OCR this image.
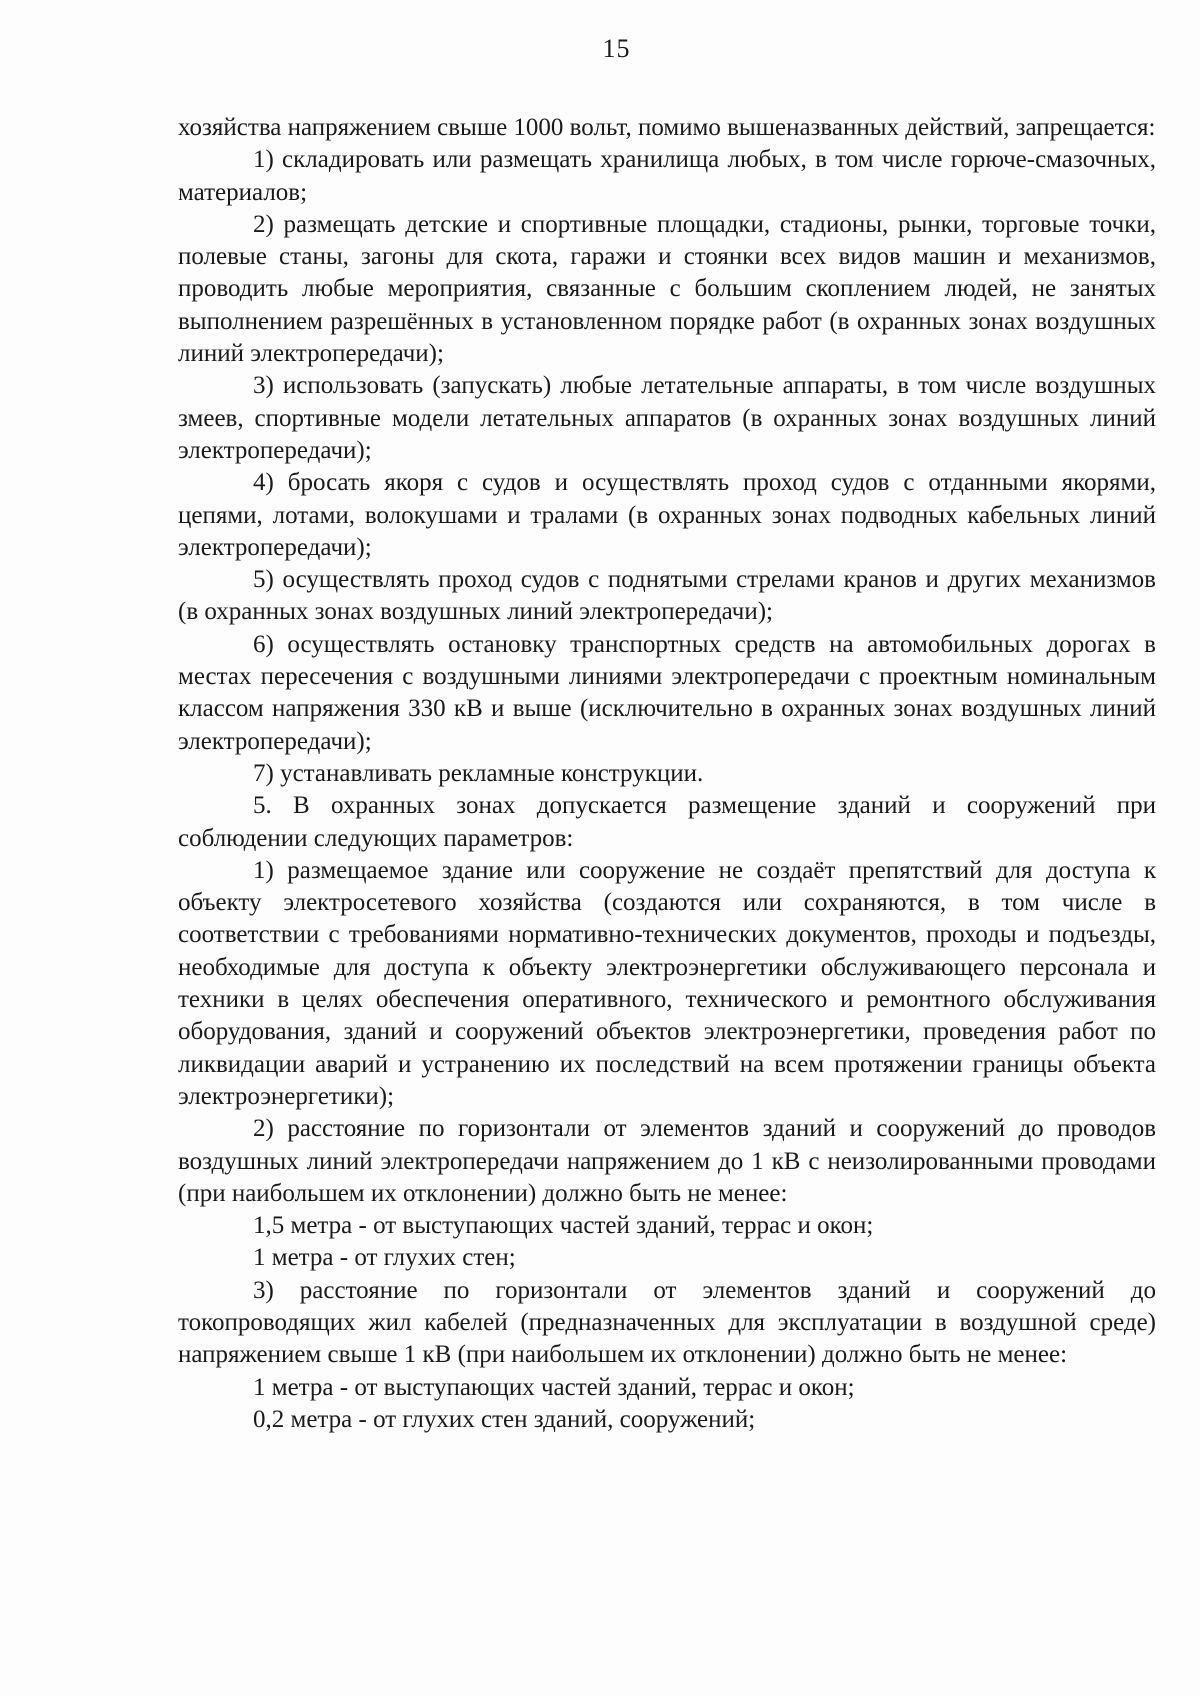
15

хозяйства напряжением свыше 1000 вольт, помимо вышеназванных действий, запрещается:

1) складировать или размещать хранилища любых, в том числе горюче-смазочных, материалов;

2) размещать детские и спортивные площадки, стадионы, рынки, торговые точки, полевые станы, загоны для скота, гаражи и стоянки всех видов машин и механизмов, проводить любые мероприятия, связанные с большим скоплением людей, не занятых выполнением разрешённых в установленном порядке работ (в охранных зонах воздушных линий электропередачи);

3) использовать (запускать) любые летательные аппараты, в том числе воздушных змеев, спортивные модели летательных аппаратов (в охранных зонах воздушных линий электропередачи);

4) бросать якоря с судов и осуществлять проход судов с отданными якорями, цепями, лотами, волокушами и тралами (в охранных зонах подводных кабельных линий электропередачи);

5) осуществлять проход судов с поднятыми стрелами кранов и других механизмов (в охранных зонах воздушных линий электропередачи);

6) осуществлять остановку транспортных средств на автомобильных дорогах в местах пересечения с воздушными линиями электропередачи с проектным номинальным классом напряжения 330 кВ и выше (исключительно в охранных зонах воздушных линий электропередачи);

7) устанавливать рекламные конструкции.

5. В охранных зонах допускается размещение зданий и сооружений при соблюдении следующих параметров:

1) размещаемое здание или сооружение не создаёт препятствий для доступа к объекту электросетевого хозяйства (создаются или сохраняются, в том числе в соответствии с требованиями нормативно-технических документов, проходы и подъезды, необходимые для доступа к объекту электроэнергетики обслуживающего персонала и техники в целях обеспечения оперативного, технического и ремонтного обслуживания оборудования, зданий и сооружений объектов электроэнергетики, проведения работ по ликвидации аварий и устранению их последствий на всем протяжении границы объекта электроэнергетики);

2) расстояние по горизонтали от элементов зданий и сооружений до проводов воздушных линий электропередачи напряжением до 1 кВ с неизолированными проводами (при наибольшем их отклонении) должно быть не менее:

1,5 метра - от выступающих частей зданий, террас и окон;

1 метра - от глухих стен;

3) расстояние по горизонтали от элементов зданий и сооружений до токопроводящих жил кабелей (предназначенных для эксплуатации в воздушной среде) напряжением свыше 1 кВ (при наибольшем их отклонении) должно быть не менее:

1 метра - от выступающих частей зданий, террас и окон;

0,2 метра - от глухих стен зданий, сооружений;
